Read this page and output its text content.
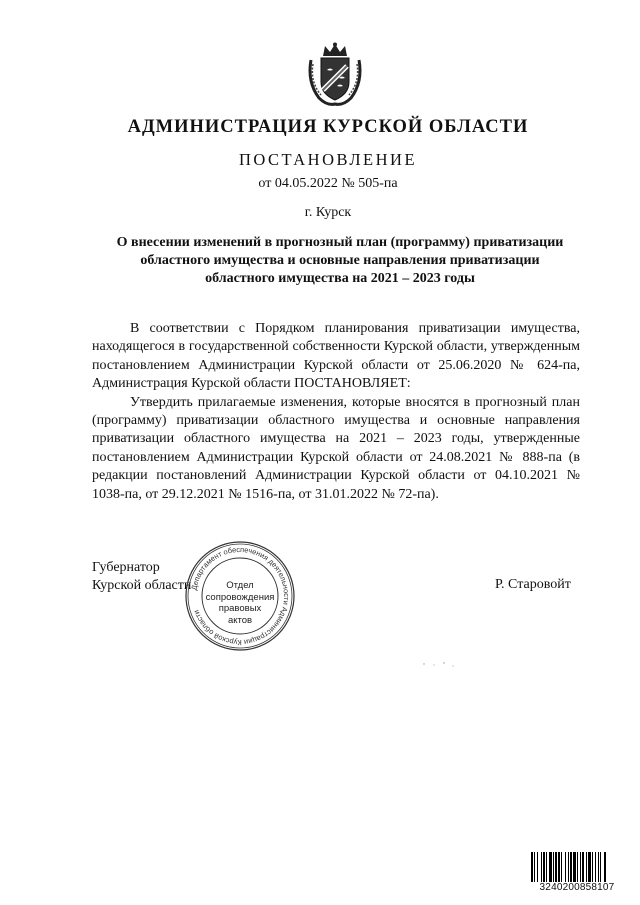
АДМИНИСТРАЦИЯ КУРСКОЙ ОБЛАСТИ
ПОСТАНОВЛЕНИЕ
от 04.05.2022 № 505-па
г. Курск
О внесении изменений в прогнозный план (программу) приватизации
областного имущества и основные направления приватизации
областного имущества на 2021 – 2023 годы

В соответствии с Порядком планирования приватизации имущества, находящегося в государственной собственности Курской области, утвержденным постановлением Администрации Курской области от 25.06.2020 № 624-па, Администрация Курской области ПОСТАНОВЛЯЕТ:

Утвердить прилагаемые изменения, которые вносятся в прогнозный план (программу) приватизации областного имущества и основные направления приватизации областного имущества на 2021 – 2023 годы, утвержденные постановлением Администрации Курской области от 24.08.2021 № 888-па (в редакции постановлений Администрации Курской области от 04.10.2021 № 1038-па, от 29.12.2021 № 1516-па, от 31.01.2022 № 72-па).

Губернатор
Курской области	Р. Старовойт
Департамент обеспечения деятельности Администрации Курской области
Отдел
сопровождения
правовых
актов
3240200858107
